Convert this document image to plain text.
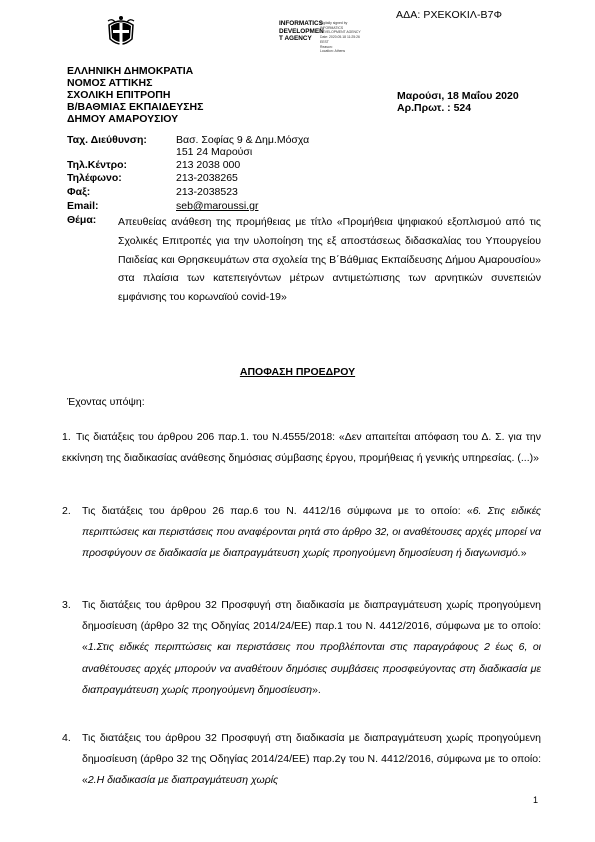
ΑΔΑ: ΡΧΕΚΟΚΙΛ-Β7Φ
INFORMATICS
DEVELOPMEN
T AGENCY
Digitally signed by
INFORMATICS
DEVELOPMENT AGENCY
Date: 2020.05.18 11:25:26
EEST
Reason:
Location: Athens
ΕΛΛΗΝΙΚΗ ΔΗΜΟΚΡΑΤΙΑ
ΝΟΜΟΣ ΑΤΤΙΚΗΣ
ΣΧΟΛΙΚΗ ΕΠΙΤΡΟΠΗ
Β/ΒΑΘΜΙΑΣ ΕΚΠΑΙΔΕΥΣΗΣ
ΔΗΜΟΥ ΑΜΑΡΟΥΣΙΟΥ
Μαρούσι, 18 Μαΐου 2020
Αρ.Πρωτ. : 524
Ταχ. Διεύθυνση:	Βασ. Σοφίας 9 & Δημ.Μόσχα
151 24 Μαρούσι
Τηλ.Κέντρο:	213 2038 000
Τηλέφωνο:	213-2038265
Φαξ:	213-2038523
Email:	seb@maroussi.gr
Θέμα: Απευθείας ανάθεση της προμήθειας με τίτλο «Προμήθεια ψηφιακού εξοπλισμού από τις Σχολικές Επιτροπές για την υλοποίηση της εξ αποστάσεως διδασκαλίας του Υπουργείου Παιδείας και Θρησκευμάτων στα σχολεία της Β΄Βάθμιας Εκπαίδευσης Δήμου Αμαρουσίου» στα πλαίσια των κατεπειγόντων μέτρων αντιμετώπισης των αρνητικών συνεπειών εμφάνισης του κορωναϊού covid-19»
ΑΠΟΦΑΣΗ ΠΡΟΕΔΡΟΥ
Έχοντας υπόψη:
1. Τις διατάξεις του άρθρου 206 παρ.1. του Ν.4555/2018: «Δεν απαιτείται απόφαση του Δ. Σ. για την εκκίνηση της διαδικασίας ανάθεσης δημόσιας σύμβασης έργου, προμήθειας ή γενικής υπηρεσίας. (...)»
2.	Τις διατάξεις του άρθρου 26 παρ.6 του Ν. 4412/16 σύμφωνα με το οποίο: «6. Στις ειδικές περιπτώσεις και περιστάσεις που αναφέρονται ρητά στο άρθρο 32, οι αναθέτουσες αρχές μπορεί να προσφύγουν σε διαδικασία με διαπραγμάτευση χωρίς προηγούμενη δημοσίευση ή διαγωνισμό.»
3.	Τις διατάξεις του άρθρου 32 Προσφυγή στη διαδικασία με διαπραγμάτευση χωρίς προηγούμενη δημοσίευση (άρθρο 32 της Οδηγίας 2014/24/ΕΕ) παρ.1 του Ν. 4412/2016, σύμφωνα με το οποίο: «1.Στις ειδικές περιπτώσεις και περιστάσεις που προβλέπονται στις παραγράφους 2 έως 6, οι αναθέτουσες αρχές μπορούν να αναθέτουν δημόσιες συμβάσεις προσφεύγοντας στη διαδικασία με διαπραγμάτευση χωρίς προηγούμενη δημοσίευση».
4.	Τις διατάξεις του άρθρου 32 Προσφυγή στη διαδικασία με διαπραγμάτευση χωρίς προηγούμενη δημοσίευση (άρθρο 32 της Οδηγίας 2014/24/ΕΕ) παρ.2γ του Ν. 4412/2016, σύμφωνα με το οποίο: «2.Η διαδικασία με διαπραγμάτευση χωρίς
1
